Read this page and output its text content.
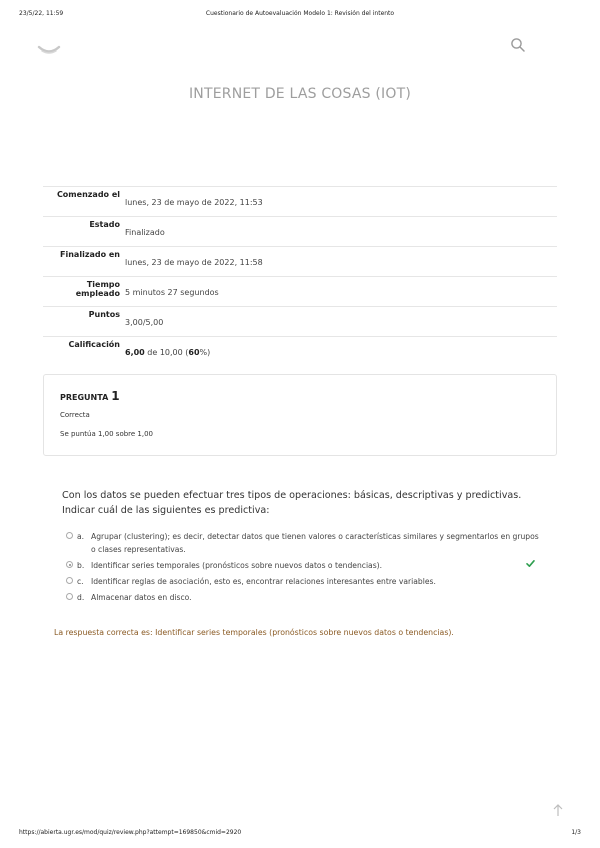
23/5/22, 11:59	Cuestionario de Autoevaluación Modelo 1: Revisión del intento
INTERNET DE LAS COSAS (IOT)
Comenzado el
lunes, 23 de mayo de 2022, 11:53
Estado
Finalizado
Finalizado en
lunes, 23 de mayo de 2022, 11:58
Tiempo empleado 5 minutos 27 segundos
Puntos
3,00/5,00
Calificación
6,00 de 10,00 (60%)
PREGUNTA 1
Correcta
Se puntúa 1,00 sobre 1,00
Con los datos se pueden efectuar tres tipos de operaciones: básicas, descriptivas y predictivas. Indicar cuál de las siguientes es predictiva:
a. Agrupar (clustering); es decir, detectar datos que tienen valores o características similares y segmentarlos en grupos o clases representativas.
b. Identificar series temporales (pronósticos sobre nuevos datos o tendencias).
c. Identificar reglas de asociación, esto es, encontrar relaciones interesantes entre variables.
d. Almacenar datos en disco.
La respuesta correcta es: Identificar series temporales (pronósticos sobre nuevos datos o tendencias).
https://abierta.ugr.es/mod/quiz/review.php?attempt=169850&cmid=2920	1/3
